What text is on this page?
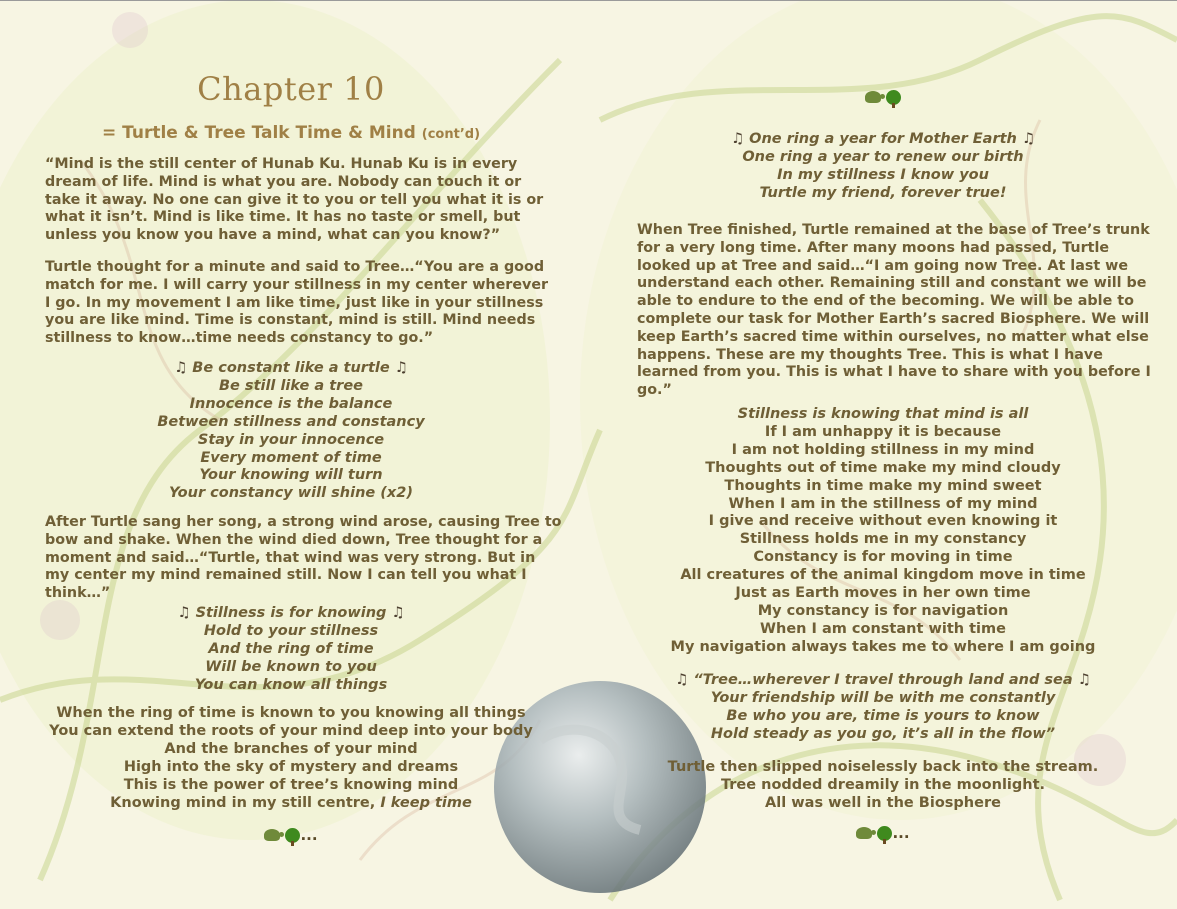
Chapter 10
= Turtle & Tree Talk Time & Mind (cont’d)
“Mind is the still center of Hunab Ku. Hunab Ku is in every
dream of life. Mind is what you are. Nobody can touch it or
take it away. No one can give it to you or tell you what it is or
what it isn’t. Mind is like time. It has no taste or smell, but
unless you know you have a mind, what can you know?”
Turtle thought for a minute and said to Tree…“You are a good
match for me. I will carry your stillness in my center wherever
I go. In my movement I am like time, just like in your stillness
you are like mind. Time is constant, mind is still. Mind needs
stillness to know…time needs constancy to go.”
♫ Be constant like a turtle ♫
Be still like a tree
Innocence is the balance
Between stillness and constancy
Stay in your innocence
Every moment of time
Your knowing will turn
Your constancy will shine (x2)
After Turtle sang her song, a strong wind arose, causing Tree to
bow and shake. When the wind died down, Tree thought for a
moment and said…“Turtle, that wind was very strong. But in
my center my mind remained still. Now I can tell you what I
think…”
♫ Stillness is for knowing ♫
Hold to your stillness
And the ring of time
Will be known to you
You can know all things
When the ring of time is known to you knowing all things
You can extend the roots of your mind deep into your body
And the branches of your mind
High into the sky of mystery and dreams
This is the power of tree’s knowing mind
Knowing mind in my still centre, I keep time
...
♫ One ring a year for Mother Earth ♫
One ring a year to renew our birth
In my stillness I know you
Turtle my friend, forever true!
When Tree finished, Turtle remained at the base of Tree’s trunk
for a very long time. After many moons had passed, Turtle
looked up at Tree and said…“I am going now Tree. At last we
understand each other. Remaining still and constant we will be
able to endure to the end of the becoming. We will be able to
complete our task for Mother Earth’s sacred Biosphere. We will
keep Earth’s sacred time within ourselves, no matter what else
happens. These are my thoughts Tree. This is what I have
learned from you. This is what I have to share with you before I
go.”
Stillness is knowing that mind is all
If I am unhappy it is because
I am not holding stillness in my mind
Thoughts out of time make my mind cloudy
Thoughts in time make my mind sweet
When I am in the stillness of my mind
I give and receive without even knowing it
Stillness holds me in my constancy
Constancy is for moving in time
All creatures of the animal kingdom move in time
Just as Earth moves in her own time
My constancy is for navigation
When I am constant with time
My navigation always takes me to where I am going
♫ “Tree…wherever I travel through land and sea ♫
Your friendship will be with me constantly
Be who you are, time is yours to know
Hold steady as you go, it’s all in the flow”
Turtle then slipped noiselessly back into the stream.
Tree nodded dreamily in the moonlight.
All was well in the Biosphere
...
